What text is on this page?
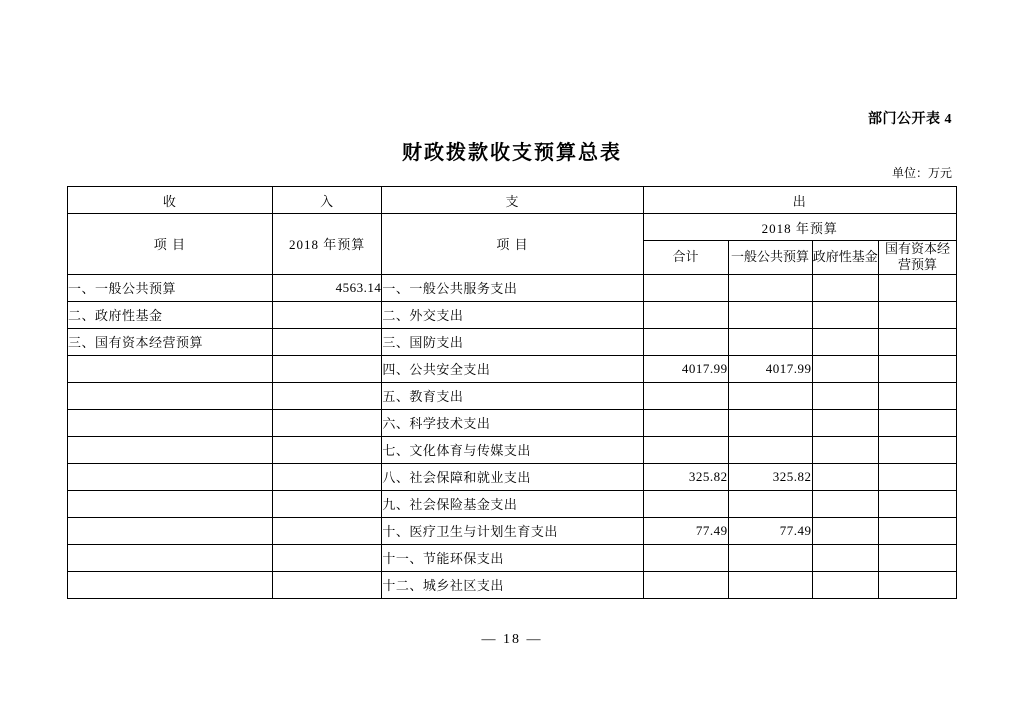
部门公开表 4
财政拨款收支预算总表
单位：万元
收	入	支	出			
项 目	2018 年预算	项 目	2018 年预算			
			合计	一般公共预算	政府性基金	国有资本经营预算
一、一般公共预算	4563.14	一、一般公共服务支出				
二、政府性基金		二、外交支出				
三、国有资本经营预算		三、国防支出				
		四、公共安全支出	4017.99	4017.99		
		五、教育支出				
		六、科学技术支出				
		七、文化体育与传媒支出				
		八、社会保障和就业支出	325.82	325.82		
		九、社会保险基金支出				
		十、医疗卫生与计划生育支出	77.49	77.49		
		十一、节能环保支出				
		十二、城乡社区支出				
— 18 —
